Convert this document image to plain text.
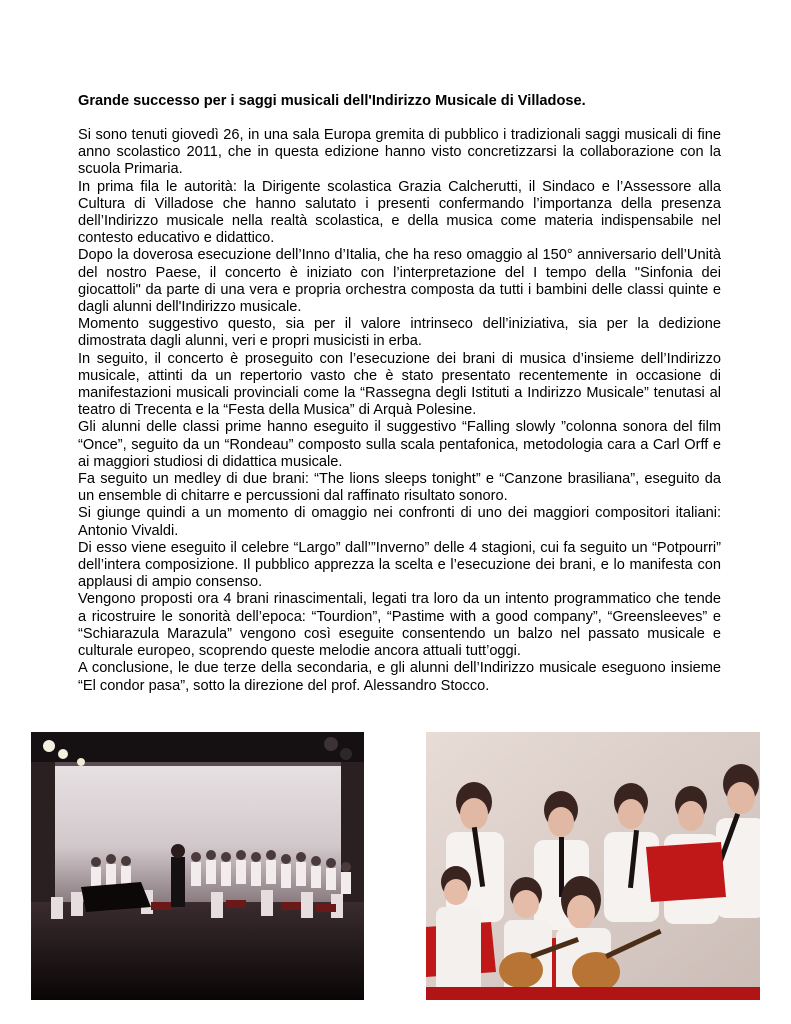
Grande successo per i saggi musicali dell'Indirizzo Musicale di Villadose.

Si sono tenuti giovedì 26, in una sala Europa gremita di pubblico i tradizionali saggi musicali di fine anno scolastico 2011, che in questa edizione hanno visto concretizzarsi la collaborazione con la scuola Primaria.

In prima fila le autorità: la Dirigente scolastica Grazia Calcherutti, il Sindaco e l’Assessore alla Cultura di Villadose che hanno salutato i presenti confermando l’importanza della presenza dell’Indirizzo musicale nella realtà scolastica, e della musica come materia indispensabile nel contesto educativo e didattico.

Dopo la doverosa esecuzione dell’Inno d’Italia, che ha reso omaggio al 150° anniversario dell’Unità del nostro Paese, il concerto è iniziato con l’interpretazione del I tempo della "Sinfonia dei giocattoli" da parte di una vera e propria orchestra composta da tutti i bambini delle classi quinte e dagli alunni dell'Indirizzo musicale.

Momento suggestivo questo, sia per il valore intrinseco dell’iniziativa, sia per la dedizione dimostrata dagli alunni, veri e propri musicisti in erba.

In seguito, il concerto è proseguito con l’esecuzione dei brani di musica d’insieme dell’Indirizzo musicale, attinti da un repertorio vasto che è stato presentato recentemente in occasione di manifestazioni musicali provinciali come la “Rassegna degli Istituti a Indirizzo Musicale” tenutasi al teatro di Trecenta e la “Festa della Musica” di Arquà Polesine.

Gli alunni delle classi prime hanno eseguito il suggestivo “Falling slowly ”colonna sonora del film “Once”, seguito da un “Rondeau” composto sulla scala pentafonica, metodologia cara a Carl Orff e ai maggiori studiosi di didattica musicale.

Fa seguito un medley di due brani: “The lions sleeps tonight” e “Canzone brasiliana”, eseguito da un ensemble di chitarre e percussioni dal raffinato risultato sonoro.

Si giunge quindi a un momento di omaggio nei confronti di uno dei maggiori compositori italiani: Antonio Vivaldi.

Di esso viene eseguito il celebre “Largo” dall’”Inverno” delle 4 stagioni, cui fa seguito un “Potpourri” dell’intera composizione. Il pubblico apprezza la scelta e l’esecuzione dei brani, e lo manifesta con applausi di ampio consenso.

Vengono proposti ora 4 brani rinascimentali, legati tra loro da un intento programmatico che tende a ricostruire le sonorità dell’epoca: “Tourdion”, “Pastime with a good company”, “Greensleeves” e “Schiarazula Marazula” vengono così eseguite consentendo un balzo nel passato musicale e culturale europeo, scoprendo queste melodie ancora attuali tutt’oggi.

A conclusione, le due terze della secondaria, e gli alunni dell’Indirizzo musicale eseguono insieme “El condor pasa”, sotto la direzione del prof. Alessandro Stocco.
